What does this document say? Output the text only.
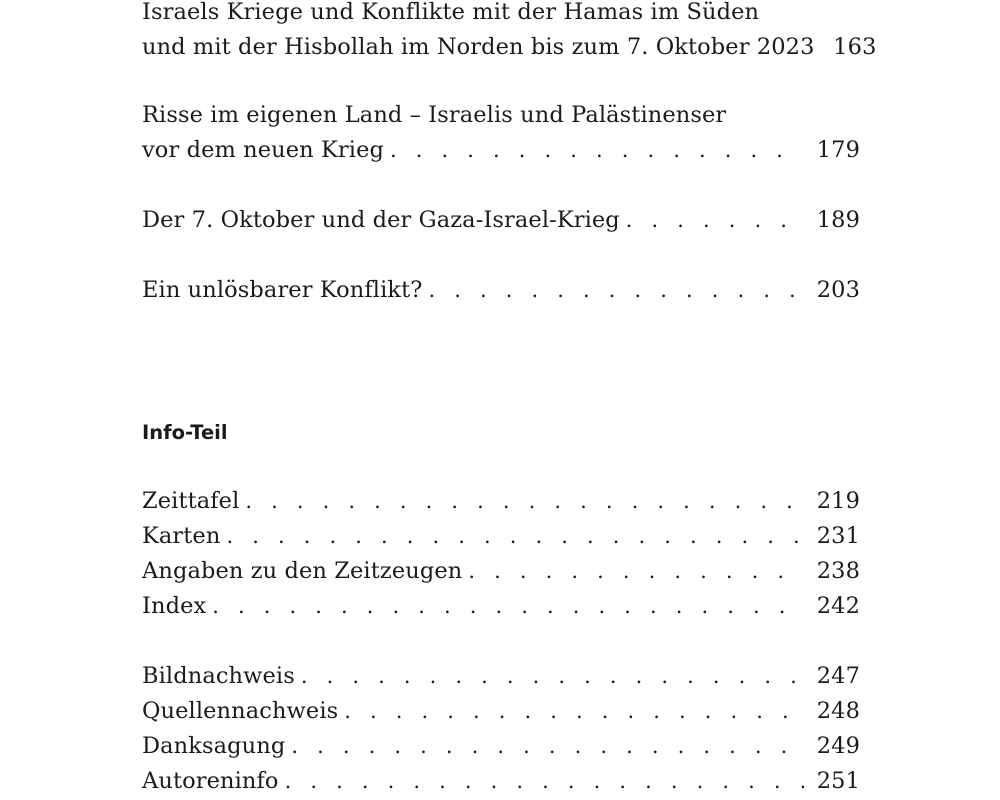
Israels Kriege und Konflikte mit der Hamas im Süden
und mit der Hisbollah im Norden bis zum 7. Oktober 2023 163
Risse im eigenen Land – Israelis und Palästinenser
vor dem neuen Krieg . . .	179
Der 7. Oktober und der Gaza-Israel-Krieg . . .	189
Ein unlösbarer Konflikt? . . .	203
Info-Teil
Zeittafel . . .	219
Karten . . .	231
Angaben zu den Zeitzeugen . . .	238
Index . . .	242
Bildnachweis . . .	247
Quellennachweis . . .	248
Danksagung . . .	249
Autoreninfo . . .	251
